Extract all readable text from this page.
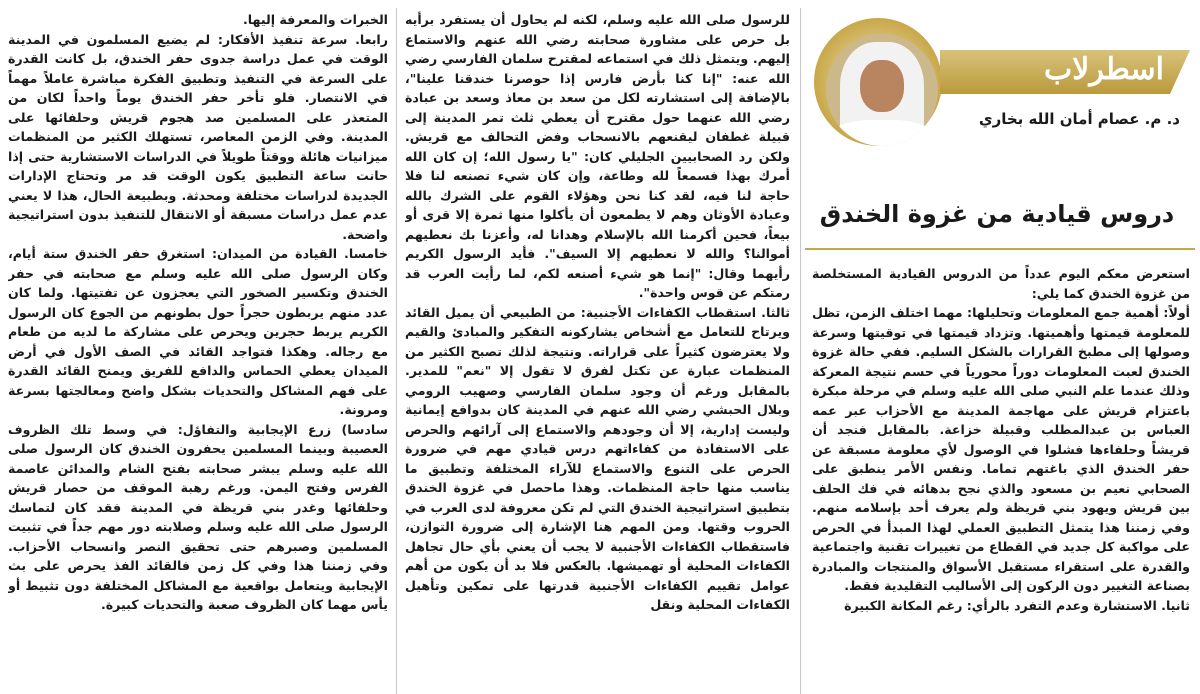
الخبرات والمعرفة إليها.

رابعا. سرعة تنفيذ الأفكار: لم يضيع المسلمون في المدينة الوقت في عمل دراسة جدوى حفر الخندق، بل كانت القدرة على السرعة في التنفيذ وتطبيق الفكرة مباشرة عاملاً مهماً في الانتصار. فلو تأخر حفر الخندق يوماً واحداً لكان من المتعذر على المسلمين صد هجوم قريش وحلفائها على المدينة. وفي الزمن المعاصر، تستهلك الكثير من المنظمات ميزانيات هائلة ووقتاً طويلاً في الدراسات الاستشارية حتى إذا حانت ساعة التطبيق يكون الوقت قد مر وتحتاج الإدارات الجديدة لدراسات مختلفة ومحدثة. وبطبيعة الحال، هذا لا يعني عدم عمل دراسات مسبقة أو الانتقال للتنفيذ بدون استراتيجية واضحة.

خامسا. القيادة من الميدان: استغرق حفر الخندق ستة أيام، وكان الرسول صلى الله عليه وسلم مع صحابته في حفر الخندق وتكسير الصخور التي يعجزون عن تفتيتها. ولما كان عدد منهم يربطون حجراً حول بطونهم من الجوع كان الرسول الكريم يربط حجرين ويحرص على مشاركة ما لديه من طعام مع رجاله. وهكذا فتواجد القائد في الصف الأول في أرض الميدان يعطي الحماس والدافع للفريق ويمنح القائد القدرة على فهم المشاكل والتحديات بشكل واضح ومعالجتها بسرعة ومرونة.

سادسا) زرع الإيجابية والتفاؤل: في وسط تلك الظروف العصيبة وبينما المسلمين يحفرون الخندق كان الرسول صلى الله عليه وسلم يبشر صحابته بفتح الشام والمدائن عاصمة الفرس وفتح اليمن. ورغم رهبة الموقف من حصار قريش وحلفائها وغدر بني قريظة في المدينة فقد كان لتماسك الرسول صلى الله عليه وسلم وصلابته دور مهم جداً في تثبيت المسلمين وصبرهم حتى تحقيق النصر وانسحاب الأحزاب. وفي زمننا هذا وفي كل زمن فالقائد الفذ يحرص على بث الإيجابية ويتعامل بواقعية مع المشاكل المختلفة دون تثبيط أو يأس مهما كان الظروف صعبة والتحديات كبيرة.

للرسول صلى الله عليه وسلم، لكنه لم يحاول أن يستفرد برأيه بل حرص على مشاورة صحابته رضي الله عنهم والاستماع إليهم. ويتمثل ذلك في استماعه لمقترح سلمان الفارسي رضي الله عنه: "إنا كنا بأرض فارس إذا حوصرنا خندقنا علينا"، بالإضافة إلى استشارته لكل من سعد بن معاذ وسعد بن عبادة رضي الله عنهما حول مقترح أن يعطي ثلث تمر المدينة إلى قبيلة غطفان ليقنعهم بالانسحاب وفض التحالف مع قريش. ولكن رد الصحابيين الجليلي كان: "يا رسول الله؛ إن كان الله أمرك بهذا فسمعاً لله وطاعة، وإن كان شيء تصنعه لنا فلا حاجة لنا فيه، لقد كنا نحن وهؤلاء القوم على الشرك بالله وعبادة الأوثان وهم لا يطمعون أن يأكلوا منها ثمرة إلا قرى أو بيعاً، فحين أكرمنا الله بالإسلام وهدانا له، وأعزنا بك نعطيهم أموالنا؟ والله لا نعطيهم إلا السيف". فأيد الرسول الكريم رأيهما وقال: "إنما هو شيء أصنعه لكم، لما رأيت العرب قد رمتكم عن قوس واحدة".

ثالثا. استقطاب الكفاءات الأجنبية: من الطبيعي أن يميل القائد ويرتاح للتعامل مع أشخاص يشاركونه التفكير والمبادئ والقيم ولا يعترضون كثيراً على قراراته. ونتيجة لذلك تصبح الكثير من المنظمات عبارة عن تكتل لفرق لا تقول إلا "نعم" للمدير. بالمقابل ورغم أن وجود سلمان الفارسي وصهيب الرومي وبلال الحبشي رضي الله عنهم في المدينة كان بدوافع إيمانية وليست إدارية، إلا أن وجودهم والاستماع إلى آرائهم والحرص على الاستفادة من كفاءاتهم درس قيادي مهم في ضرورة الحرص على التنوع والاستماع للآراء المختلفة وتطبيق ما يناسب منها حاجة المنظمات. وهذا ماحصل في غزوة الخندق بتطبيق استراتيجية الخندق التي لم تكن معروفة لدى العرب في الحروب وقتها. ومن المهم هنا الإشارة إلى ضرورة التوازن، فاستقطاب الكفاءات الأجنبية لا يجب أن يعني بأي حال تجاهل الكفاءات المحلية أو تهميشها. بالعكس فلا بد أن يكون من أهم عوامل تقييم الكفاءات الأجنبية قدرتها على تمكين وتأهيل الكفاءات المحلية ونقل

اسطرلاب
د. م. عصام أمان الله بخاري
دروس قيادية من غزوة الخندق

استعرض معكم اليوم عدداً من الدروس القيادية المستخلصة من غزوة الخندق كما يلي:

أولاً: أهمية جمع المعلومات وتحليلها: مهما اختلف الزمن، تظل للمعلومة قيمتها وأهميتها. وتزداد قيمتها في توقيتها وسرعة وصولها إلى مطبخ القرارات بالشكل السليم. ففي حالة غزوة الخندق لعبت المعلومات دوراً محورياً في حسم نتيجة المعركة وذلك عندما علم النبي صلى الله عليه وسلم في مرحلة مبكرة باعتزام قريش على مهاجمة المدينة مع الأحزاب عبر عمه العباس بن عبدالمطلب وقبيلة خزاعة. بالمقابل فنجد أن قريشاً وحلفاءها فشلوا في الوصول لأي معلومة مسبقة عن حفر الخندق الذي باغتهم تماما. ونفس الأمر ينطبق على الصحابي نعيم بن مسعود والذي نجح بدهائه في فك الحلف بين قريش ويهود بني قريظة ولم يعرف أحد بإسلامه منهم. وفي زمننا هذا يتمثل التطبيق العملي لهذا المبدأ في الحرص على مواكبة كل جديد في القطاع من تغييرات تقنية واجتماعية والقدرة على استقراء مستقبل الأسواق والمنتجات والمبادرة بصناعة التغيير دون الركون إلى الأساليب التقليدية فقط.

ثانيا. الاستشارة وعدم التفرد بالرأي: رغم المكانة الكبيرة
